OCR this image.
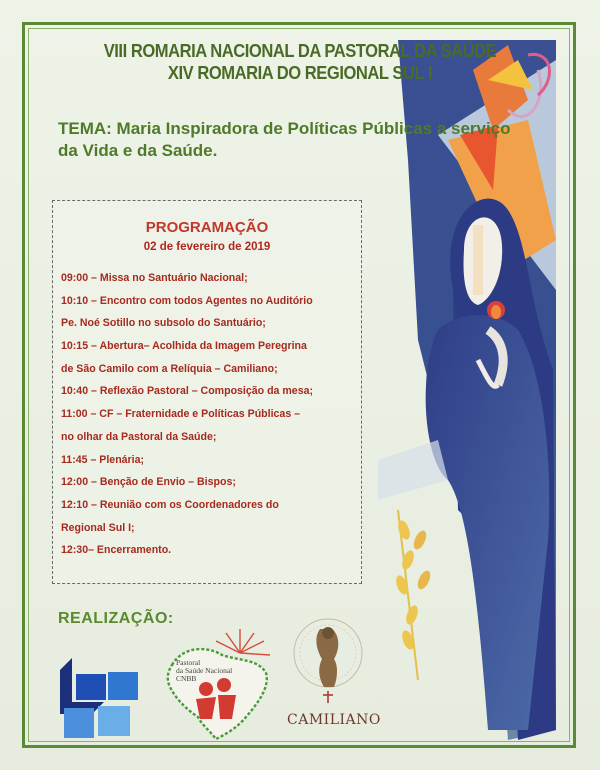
VIII ROMARIA NACIONAL DA PASTORAL DA SAÚDE
XIV ROMARIA DO REGIONAL SUL I
TEMA: Maria Inspiradora de Políticas Públicas a serviço
da Vida e da Saúde.
PROGRAMAÇÃO
02 de fevereiro de 2019
09:00 – Missa no Santuário Nacional;
10:10 – Encontro com todos Agentes no Auditório
Pe. Noé Sotillo no subsolo do Santuário;
10:15 – Abertura– Acolhida da Imagem Peregrina
de São Camilo com a Relíquia – Camiliano;
10:40 – Reflexão Pastoral – Composição da mesa;
11:00 – CF – Fraternidade e Políticas Públicas –
no olhar da Pastoral da Saúde;
11:45 – Plenária;
12:00 – Benção de Envio – Bispos;
12:10 – Reunião com os Coordenadores do
Regional Sul I;
12:30– Encerramento.
REALIZAÇÃO:
Pastoral
da Saúde Nacional
CNBB
CAMILIANO
